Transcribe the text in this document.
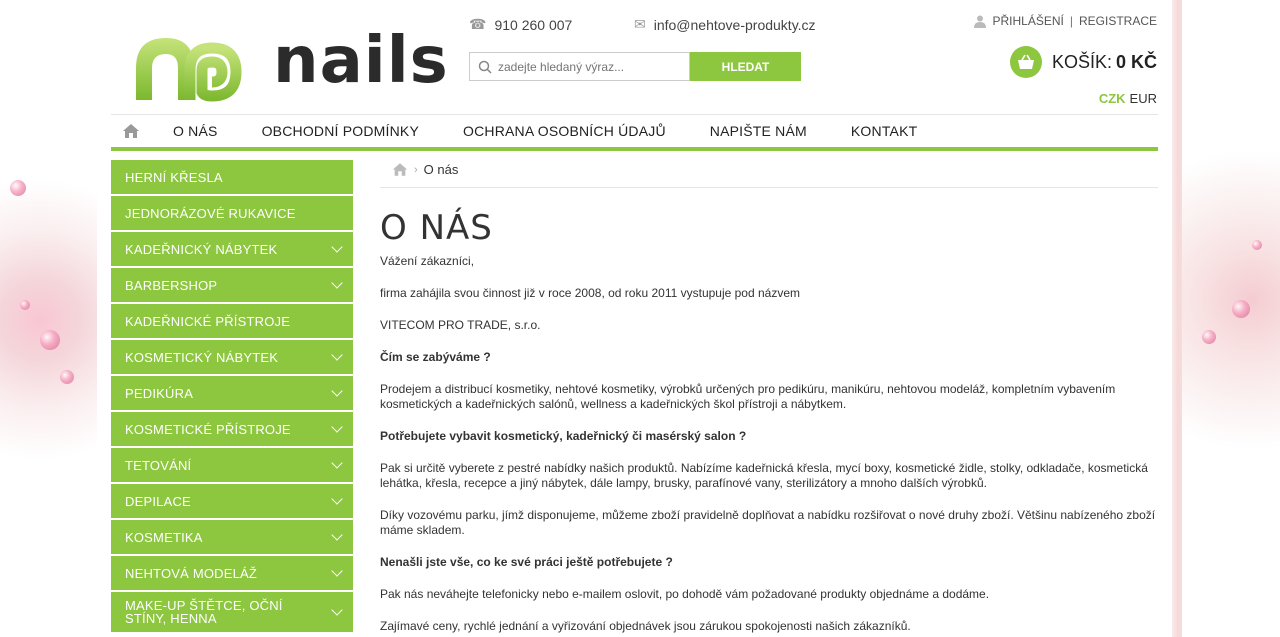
nails ☎ 910 260 007	✉ info@nehtove-produkty.cz
zadejte hledaný výraz...
HLEDAT
PŘIHLÁŠENÍ | REGISTRACE
KOŠÍK: 0 KČ
CZK EUR
O NÁS	OBCHODNÍ PODMÍNKY	OCHRANA OSOBNÍCH ÚDAJŮ	NAPIŠTE NÁM	KONTAKT
HERNÍ KŘESLA
JEDNORÁZOVÉ RUKAVICE
KADEŘNICKÝ NÁBYTEK
BARBERSHOP
KADEŘNICKÉ PŘÍSTROJE
KOSMETICKÝ NÁBYTEK
PEDIKÚRA
KOSMETICKÉ PŘÍSTROJE
TETOVÁNÍ
DEPILACE
KOSMETIKA
NEHTOVÁ MODELÁŽ
MAKE-UP ŠTĚTCE, OČNÍ STÍNY, HENNA
› O nás
O NÁS

Vážení zákazníci,

firma zahájila svou činnost již v roce 2008, od roku 2011 vystupuje pod názvem

VITECOM PRO TRADE, s.r.o.

Čím se zabýváme ?

Prodejem a distribucí kosmetiky, nehtové kosmetiky, výrobků určených pro pedikúru, manikúru, nehtovou modeláž, kompletním vybavením kosmetických a kadeřnických salónů, wellness a kadeřnických škol přístroji a nábytkem.

Potřebujete vybavit kosmetický, kadeřnický či masérský salon ?

Pak si určitě vyberete z pestré nabídky našich produktů. Nabízíme kadeřnická křesla, mycí boxy, kosmetické židle, stolky, odkladače, kosmetická lehátka, křesla, recepce a jiný nábytek, dále lampy, brusky, parafínové vany, sterilizátory a mnoho dalších výrobků.

Díky vozovému parku, jímž disponujeme, můžeme zboží pravidelně doplňovat a nabídku rozšiřovat o nové druhy zboží. Většinu nabízeného zboží máme skladem.

Nenašli jste vše, co ke své práci ještě potřebujete ?

Pak nás neváhejte telefonicky nebo e-mailem oslovit, po dohodě vám požadované produkty objednáme a dodáme.

Zajímavé ceny, rychlé jednání a vyřizování objednávek jsou zárukou spokojenosti našich zákazníků.
